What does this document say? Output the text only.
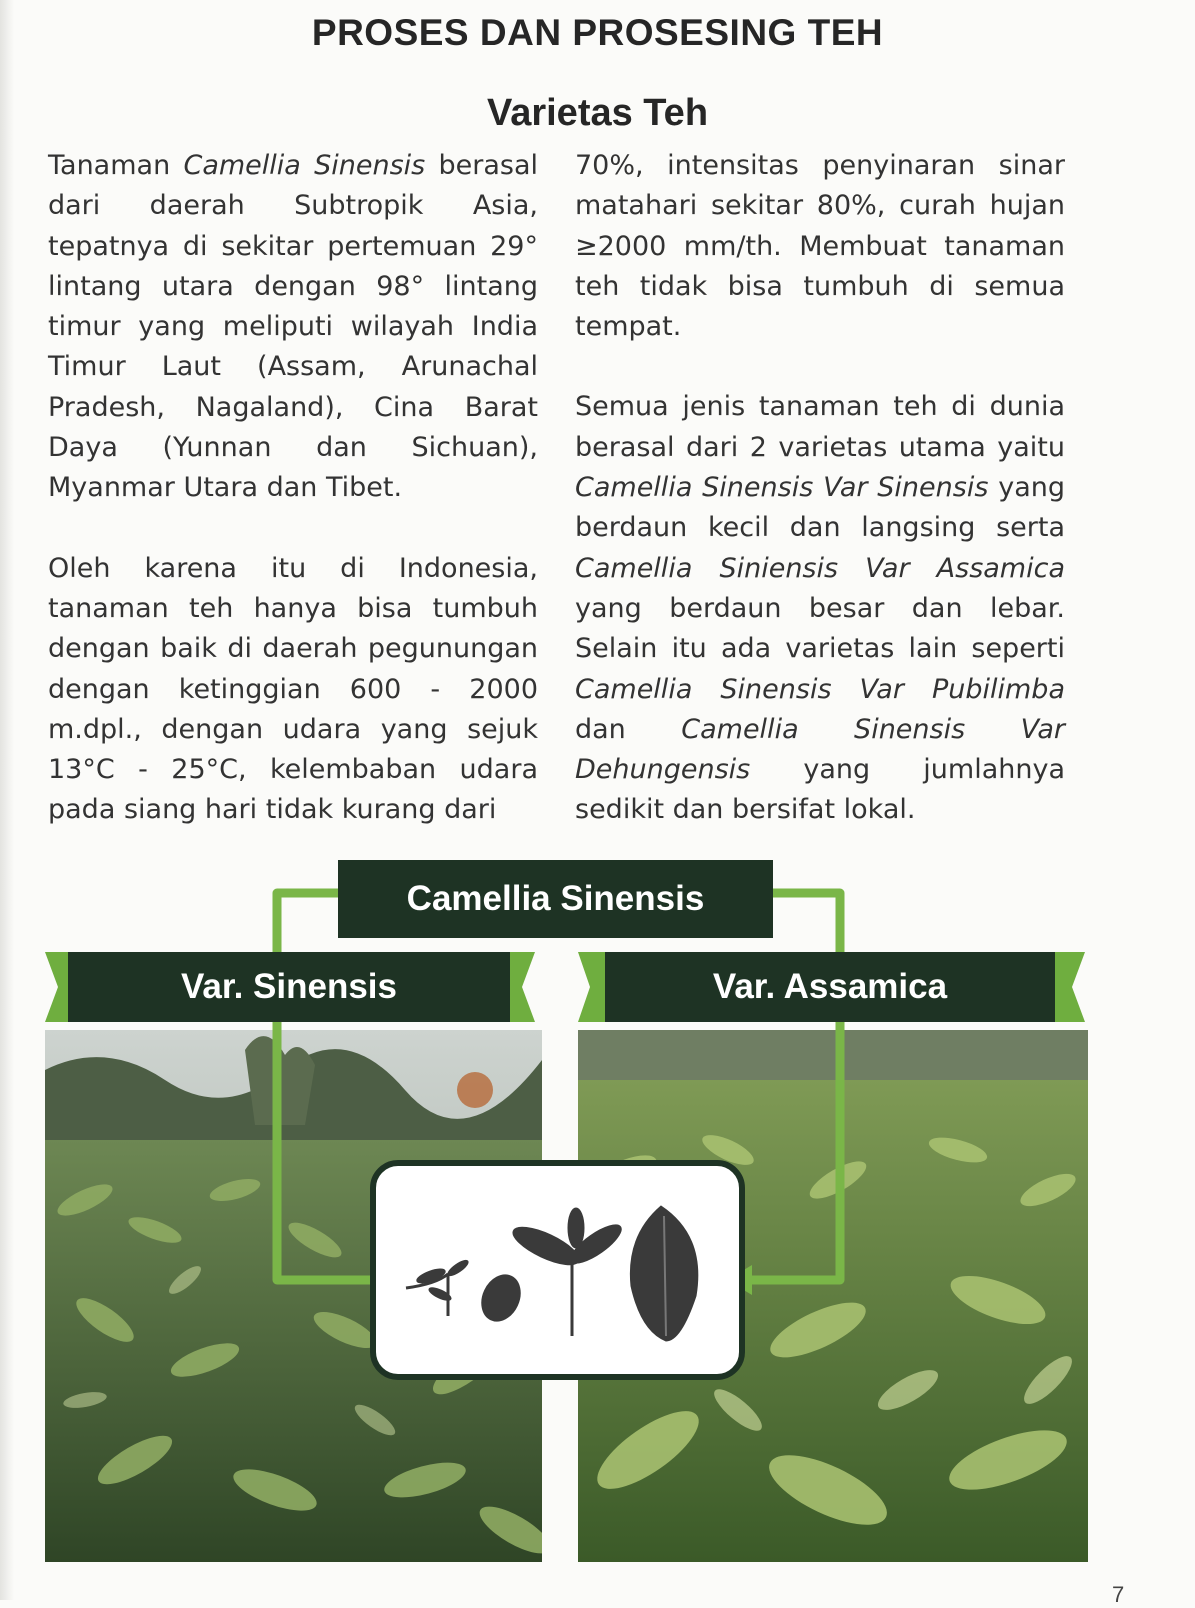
PROSES DAN PROSESING TEH
Varietas Teh

Tanaman Camellia Sinensis berasal dari daerah Subtropik Asia, tepatnya di sekitar pertemuan 29° lintang utara dengan 98° lintang timur yang meliputi wilayah India Timur Laut (Assam, Arunachal Pradesh, Nagaland), Cina Barat Daya (Yunnan dan Sichuan), Myanmar Utara dan Tibet.

Oleh karena itu di Indonesia, tanaman teh hanya bisa tumbuh dengan baik di daerah pegunungan dengan ketinggian 600 - 2000 m.dpl., dengan udara yang sejuk 13°C - 25°C, kelembaban udara pada siang hari tidak kurang dari

70%, intensitas penyinaran sinar matahari sekitar 80%, curah hujan ≥2000 mm/th. Membuat tanaman teh tidak bisa tumbuh di semua tempat.

Semua jenis tanaman teh di dunia berasal dari 2 varietas utama yaitu Camellia Sinensis Var Sinensis yang berdaun kecil dan langsing serta Camellia Siniensis Var Assamica yang berdaun besar dan lebar. Selain itu ada varietas lain seperti Camellia Sinensis Var Pubilimba dan Camellia Sinensis Var Dehungensis yang jumlahnya sedikit dan bersifat lokal.

Camellia Sinensis
Var. Sinensis	Var. Assamica
7
